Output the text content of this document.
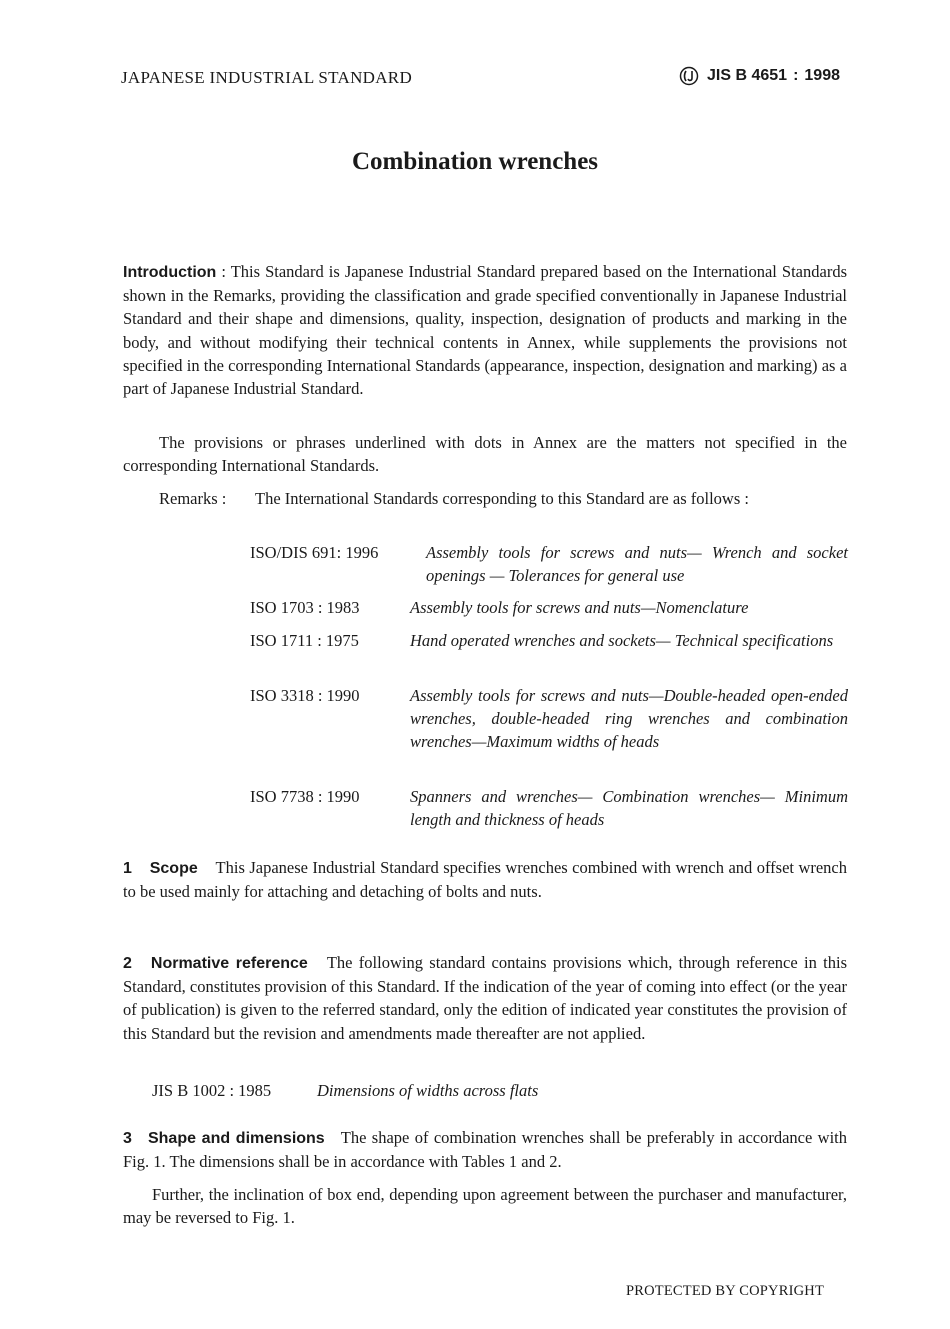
JAPANESE INDUSTRIAL STANDARD	JIS B 4651 : 1998
Combination wrenches
Introduction : This Standard is Japanese Industrial Standard prepared based on the International Standards shown in the Remarks, providing the classification and grade specified conventionally in Japanese Industrial Standard and their shape and dimensions, quality, inspection, designation of products and marking in the body, and without modifying their technical contents in Annex, while supplements the provisions not specified in the corresponding International Standards (appearance, inspection, designation and marking) as a part of Japanese Industrial Standard.
The provisions or phrases underlined with dots in Annex are the matters not specified in the corresponding International Standards.
Remarks :	The International Standards corresponding to this Standard are as follows :
ISO/DIS 691: 1996	Assembly tools for screws and nuts— Wrench and socket openings — Tolerances for general use
ISO 1703 : 1983	Assembly tools for screws and nuts—Nomenclature
ISO 1711 : 1975	Hand operated wrenches and sockets— Technical specifications
ISO 3318 : 1990	Assembly tools for screws and nuts—Double-headed open-ended wrenches, double-headed ring wrenches and combination wrenches—Maximum widths of heads
ISO 7738 : 1990	Spanners and wrenches— Combination wrenches— Minimum length and thickness of heads
1 Scope This Japanese Industrial Standard specifies wrenches combined with wrench and offset wrench to be used mainly for attaching and detaching of bolts and nuts.
2 Normative reference The following standard contains provisions which, through reference in this Standard, constitutes provision of this Standard. If the indication of the year of coming into effect (or the year of publication) is given to the referred standard, only the edition of indicated year constitutes the provision of this Standard but the revision and amendments made thereafter are not applied.
JIS B 1002 : 1985	Dimensions of widths across flats
3 Shape and dimensions The shape of combination wrenches shall be preferably in accordance with Fig. 1. The dimensions shall be in accordance with Tables 1 and 2.
Further, the inclination of box end, depending upon agreement between the purchaser and manufacturer, may be reversed to Fig. 1.
PROTECTED BY COPYRIGHT
